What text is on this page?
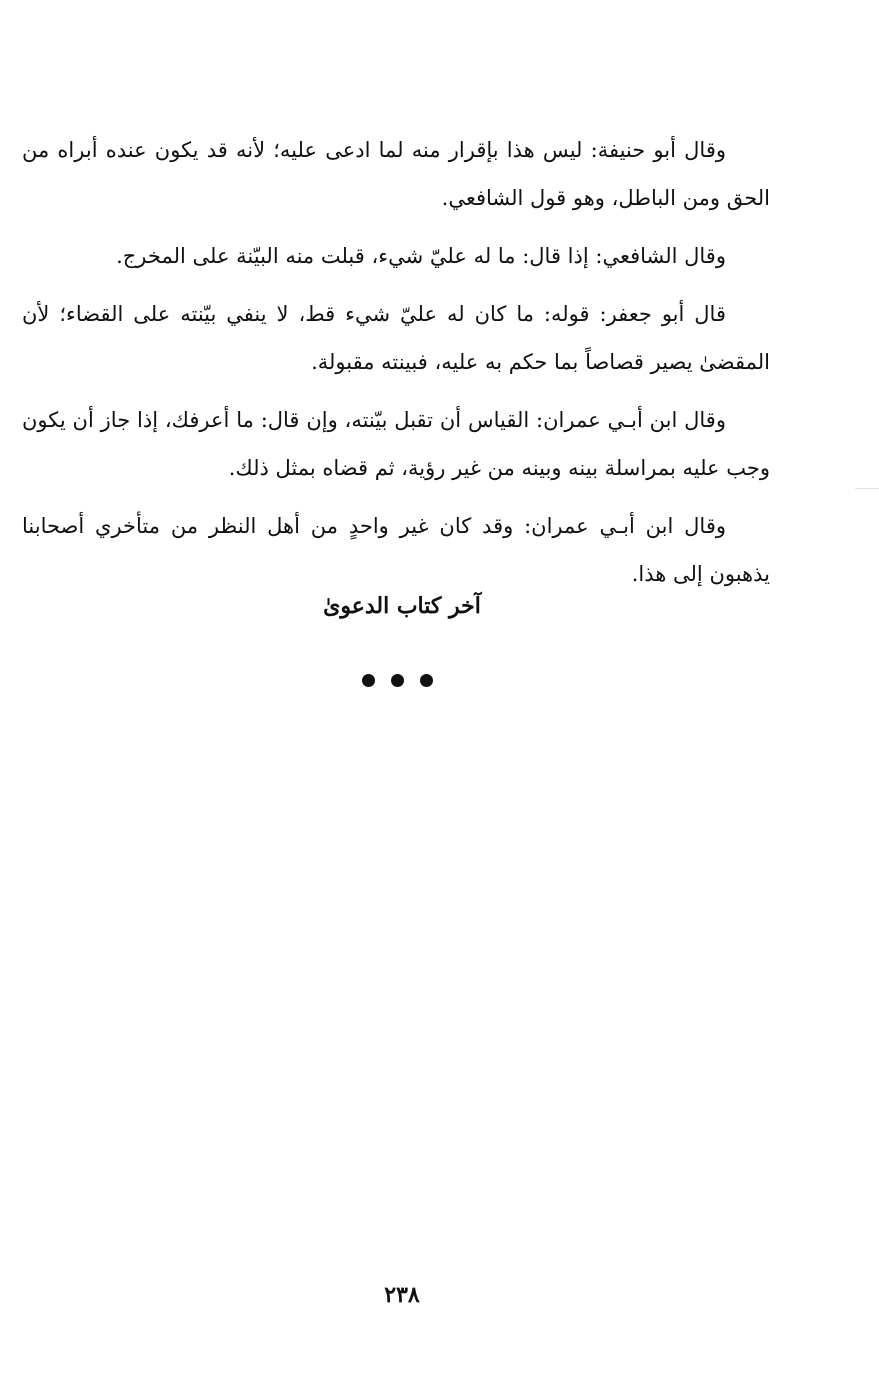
وقال أبو حنيفة: ليس هذا بإقرار منه لما ادعى عليه؛ لأنه قد يكون عنده أبراه من الحق ومن الباطل، وهو قول الشافعي.

وقال الشافعي: إذا قال: ما له عليّ شيء، قبلت منه البيّنة على المخرج.

قال أبو جعفر: قوله: ما كان له عليّ شيء قط، لا ينفي بيّنته على القضاء؛ لأن المقضىٰ يصير قصاصاً بما حكم به عليه، فبينته مقبولة.

وقال ابن أبـي عمران: القياس أن تقبل بيّنته، وإن قال: ما أعرفك، إذا جاز أن يكون وجب عليه بمراسلة بينه وبينه من غير رؤية، ثم قضاه بمثل ذلك.

وقال ابن أبـي عمران: وقد كان غير واحدٍ من أهل النظر من متأخري أصحابنا يذهبون إلى هذا.

آخر كتاب الدعوىٰ
٢٣٨
